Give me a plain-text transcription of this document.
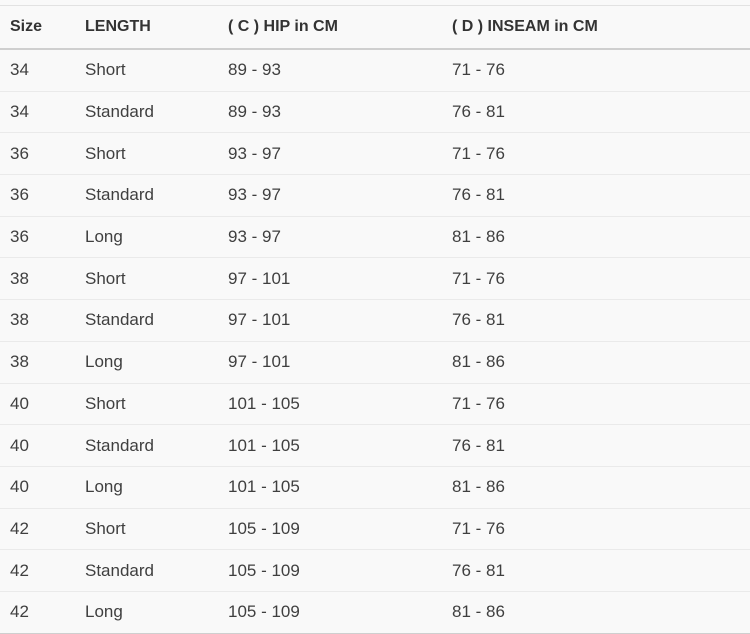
Size	LENGTH	( C ) HIP in CM	( D ) INSEAM in CM
34	Short	89 - 93	71 - 76
34	Standard	89 - 93	76 - 81
36	Short	93 - 97	71 - 76
36	Standard	93 - 97	76 - 81
36	Long	93 - 97	81 - 86
38	Short	97 - 101	71 - 76
38	Standard	97 - 101	76 - 81
38	Long	97 - 101	81 - 86
40	Short	101 - 105	71 - 76
40	Standard	101 - 105	76 - 81
40	Long	101 - 105	81 - 86
42	Short	105 - 109	71 - 76
42	Standard	105 - 109	76 - 81
42	Long	105 - 109	81 - 86
